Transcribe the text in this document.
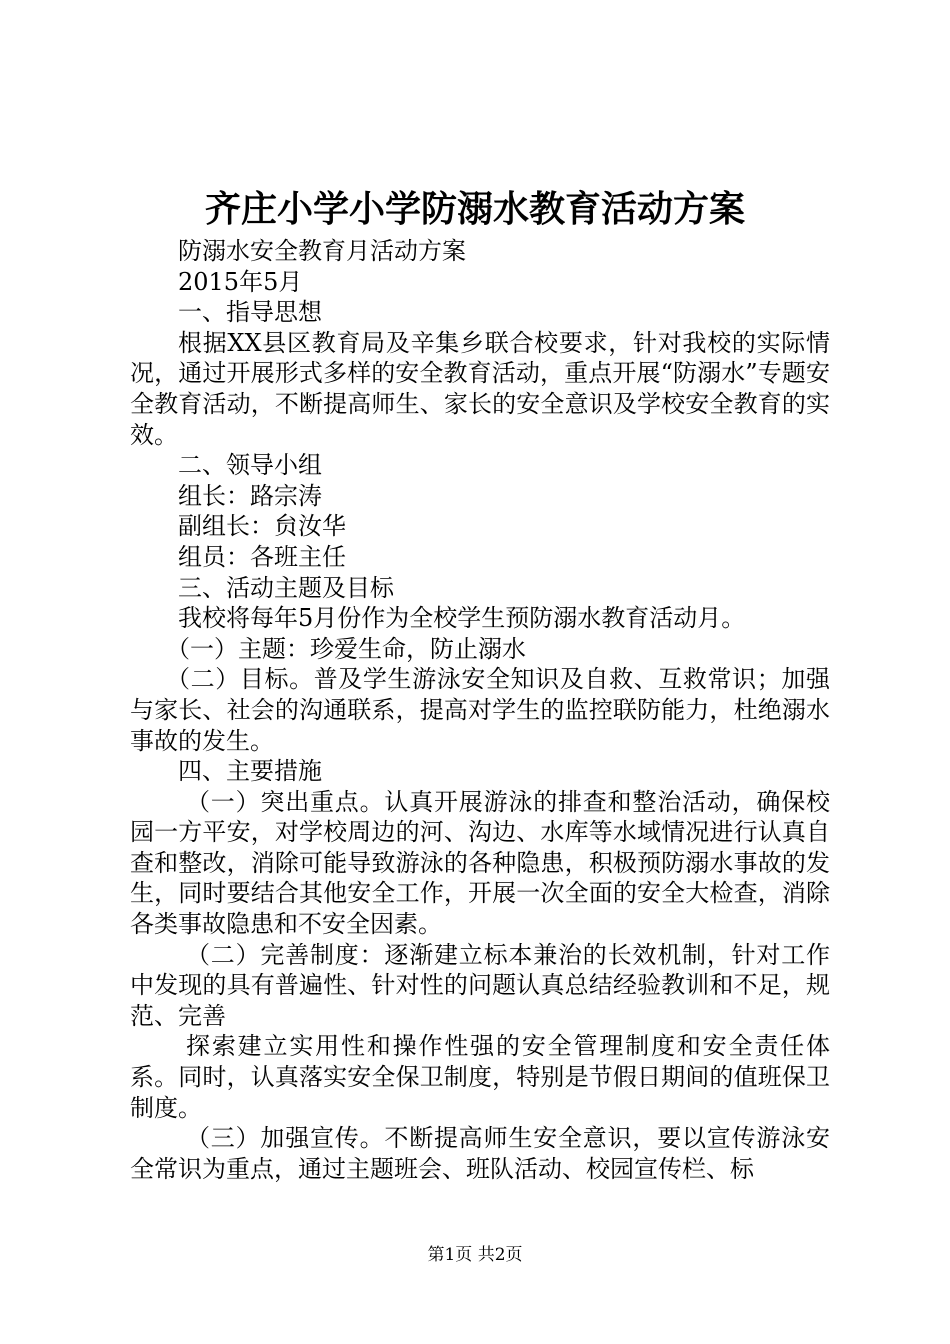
齐庄小学小学防溺水教育活动方案

防溺水安全教育月活动方案

2015年5月

一、指导思想

根据XX县区教育局及辛集乡联合校要求，针对我校的实际情况，通过开展形式多样的安全教育活动，重点开展“防溺水”专题安全教育活动，不断提高师生、家长的安全意识及学校安全教育的实效。

二、领导小组

组长：路宗涛

副组长：贠汝华

组员：各班主任

三、活动主题及目标

我校将每年5月份作为全校学生预防溺水教育活动月。

（一）主题：珍爱生命，防止溺水

（二）目标。普及学生游泳安全知识及自救、互救常识；加强与家长、社会的沟通联系，提高对学生的监控联防能力，杜绝溺水事故的发生。

四、主要措施

（一）突出重点。认真开展游泳的排查和整治活动，确保校园一方平安，对学校周边的河、沟边、水库等水域情况进行认真自查和整改，消除可能导致游泳的各种隐患，积极预防溺水事故的发生，同时要结合其他安全工作，开展一次全面的安全大检查，消除各类事故隐患和不安全因素。

（二）完善制度：逐渐建立标本兼治的长效机制，针对工作中发现的具有普遍性、针对性的问题认真总结经验教训和不足，规范、完善

探索建立实用性和操作性强的安全管理制度和安全责任体系。同时，认真落实安全保卫制度，特别是节假日期间的值班保卫制度。

（三）加强宣传。不断提高师生安全意识，要以宣传游泳安全常识为重点，通过主题班会、班队活动、校园宣传栏、标

第1页 共2页
